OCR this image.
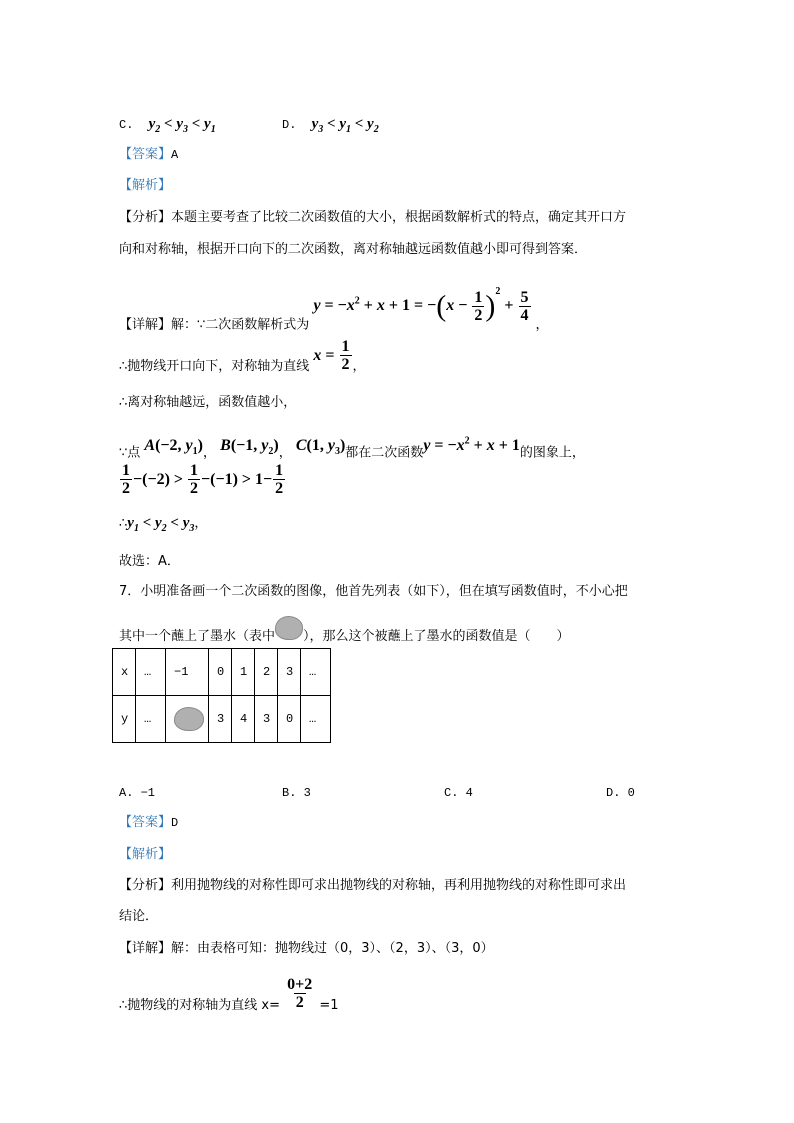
C. $y_2 < y_3 < y_1$	D. $y_3 < y_1 < y_2$
【答案】A
【解析】
【分析】本题主要考查了比较二次函数值的大小，根据函数解析式的特点，确定其开口方
向和对称轴，根据开口向下的二次函数，离对称轴越远函数值越小即可得到答案．
【详解】解：∵二次函数解析式为 $y = -x^2 + x + 1 = -(x - \frac{1}{2} )^2 + \frac{5}{4}$
，
∴抛物线开口向下，对称轴为直线 $x = \frac{1}{2}$ ，
∴离对称轴越远，函数值越小，
∵点 A(−2, $y_1$)， B(−1, $y_2$)， C(1, $y_3$)都在二次函数$y = -x^2 + x + 1$的图象上，
$\frac{1}{2} -(-2) > \frac{1}{2} -(-1) > 1- \frac{1}{2}$
$\therefore y_1 < y_2 < y_3$，
故选：A．
7．小明准备画一个二次函数的图像，他首先列表（如下），但在填写函数值时，不小心把
其中一个蘸上了墨水（表中 ），那么这个被蘸上了墨水的函数值是（　　）
x	…	−1	0	1	2	3	…
y	…		3	4	3	0	…
A. −1	B. 3	C. 4	D. 0
【答案】D
【解析】
【分析】利用抛物线的对称性即可求出抛物线的对称轴，再利用抛物线的对称性即可求出
结论．
【详解】解：由表格可知：抛物线过（0，3）、（2，3）、（3，0）
∴抛物线的对称轴为直线 $x= \frac{0+2}{2} =1$
